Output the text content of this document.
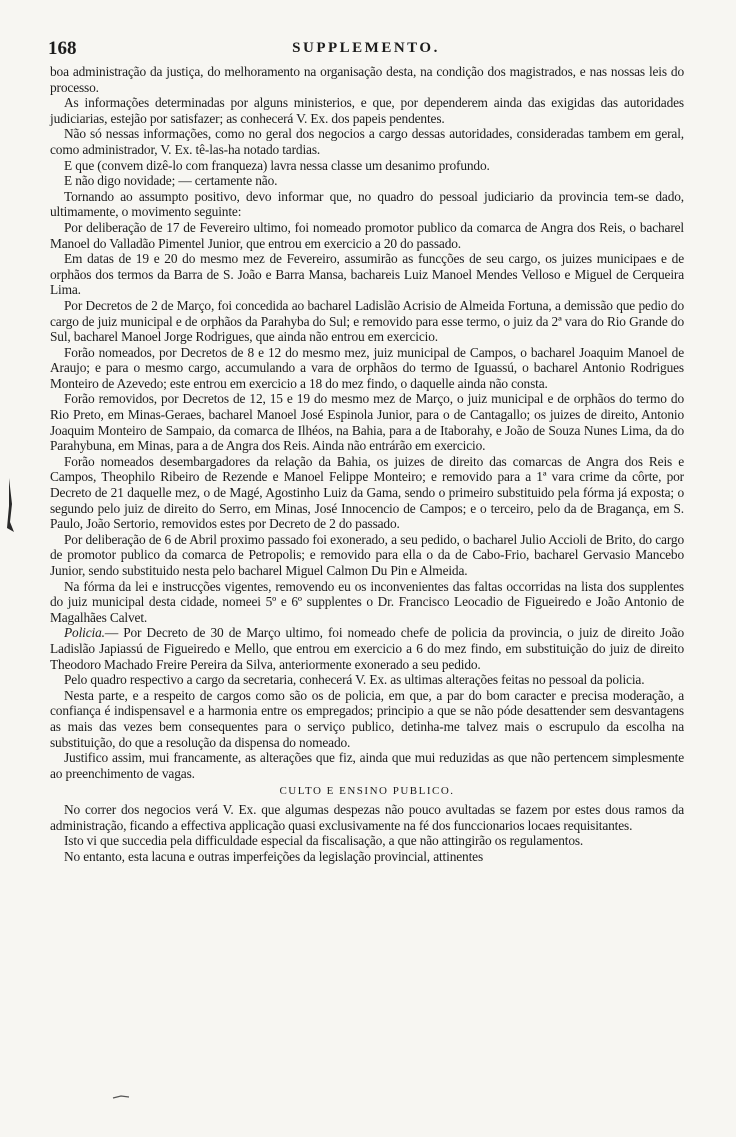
168	SUPPLEMENTO.

boa administração da justiça, do melhoramento na organisação desta, na condição dos magistrados, e nas nossas leis do processo.

As informações determinadas por alguns ministerios, e que, por dependerem ainda das exigidas das autoridades judiciarias, estejão por satisfazer; as conhecerá V. Ex. dos papeis pendentes.

Não só nessas informações, como no geral dos negocios a cargo dessas autoridades, consideradas tambem em geral, como administrador, V. Ex. tê-las-ha notado tardias.

E que (convem dizê-lo com franqueza) lavra nessa classe um desanimo profundo.

E não digo novidade; — certamente não.

Tornando ao assumpto positivo, devo informar que, no quadro do pessoal judiciario da provincia tem-se dado, ultimamente, o movimento seguinte:

Por deliberação de 17 de Fevereiro ultimo, foi nomeado promotor publico da comarca de Angra dos Reis, o bacharel Manoel do Valladão Pimentel Junior, que entrou em exercicio a 20 do passado.

Em datas de 19 e 20 do mesmo mez de Fevereiro, assumirão as funcções de seu cargo, os juizes municipaes e de orphãos dos termos da Barra de S. João e Barra Mansa, bachareis Luiz Manoel Mendes Velloso e Miguel de Cerqueira Lima.

Por Decretos de 2 de Março, foi concedida ao bacharel Ladislão Acrisio de Almeida Fortuna, a demissão que pedio do cargo de juiz municipal e de orphãos da Parahyba do Sul; e removido para esse termo, o juiz da 2ª vara do Rio Grande do Sul, bacharel Manoel Jorge Rodrigues, que ainda não entrou em exercicio.

Forão nomeados, por Decretos de 8 e 12 do mesmo mez, juiz municipal de Campos, o bacharel Joaquim Manoel de Araujo; e para o mesmo cargo, accumulando a vara de orphãos do termo de Iguassú, o bacharel Antonio Rodrigues Monteiro de Azevedo; este entrou em exercicio a 18 do mez findo, o daquelle ainda não consta.

Forão removidos, por Decretos de 12, 15 e 19 do mesmo mez de Março, o juiz municipal e de orphãos do termo do Rio Preto, em Minas-Geraes, bacharel Manoel José Espinola Junior, para o de Cantagallo; os juizes de direito, Antonio Joaquim Monteiro de Sampaio, da comarca de Ilhéos, na Bahia, para a de Itaborahy, e João de Souza Nunes Lima, da do Parahybuna, em Minas, para a de Angra dos Reis. Ainda não entrárão em exercicio.

Forão nomeados desembargadores da relação da Bahia, os juizes de direito das comarcas de Angra dos Reis e Campos, Theophilo Ribeiro de Rezende e Manoel Felippe Monteiro; e removido para a 1ª vara crime da côrte, por Decreto de 21 daquelle mez, o de Magé, Agostinho Luiz da Gama, sendo o primeiro substituido pela fórma já exposta; o segundo pelo juiz de direito do Serro, em Minas, José Innocencio de Campos; e o terceiro, pelo da de Bragança, em S. Paulo, João Sertorio, removidos estes por Decreto de 2 do passado.

Por deliberação de 6 de Abril proximo passado foi exonerado, a seu pedido, o bacharel Julio Accioli de Brito, do cargo de promotor publico da comarca de Petropolis; e removido para ella o da de Cabo-Frio, bacharel Gervasio Mancebo Junior, sendo substituido nesta pelo bacharel Miguel Calmon Du Pin e Almeida.

Na fórma da lei e instrucções vigentes, removendo eu os inconvenientes das faltas occorridas na lista dos supplentes do juiz municipal desta cidade, nomeei 5º e 6º supplentes o Dr. Francisco Leocadio de Figueiredo e João Antonio de Magalhães Calvet.

Policia.— Por Decreto de 30 de Março ultimo, foi nomeado chefe de policia da provincia, o juiz de direito João Ladislão Japiassú de Figueiredo e Mello, que entrou em exercicio a 6 do mez findo, em substituição do juiz de direito Theodoro Machado Freire Pereira da Silva, anteriormente exonerado a seu pedido.

Pelo quadro respectivo a cargo da secretaria, conhecerá V. Ex. as ultimas alterações feitas no pessoal da policia.

Nesta parte, e a respeito de cargos como são os de policia, em que, a par do bom caracter e precisa moderação, a confiança é indispensavel e a harmonia entre os empregados; principio a que se não póde desattender sem desvantagens as mais das vezes bem consequentes para o serviço publico, detinha-me talvez mais o escrupulo da escolha na substituição, do que a resolução da dispensa do nomeado.

Justifico assim, mui francamente, as alterações que fiz, ainda que mui reduzidas as que não pertencem simplesmente ao preenchimento de vagas.

CULTO E ENSINO PUBLICO.

No correr dos negocios verá V. Ex. que algumas despezas não pouco avultadas se fazem por estes dous ramos da administração, ficando a effectiva applicação quasi exclusivamente na fé dos funccionarios locaes requisitantes.

Isto vi que succedia pela difficuldade especial da fiscalisação, a que não attingirão os regulamentos.

No entanto, esta lacuna e outras imperfeições da legislação provincial, attinentes
